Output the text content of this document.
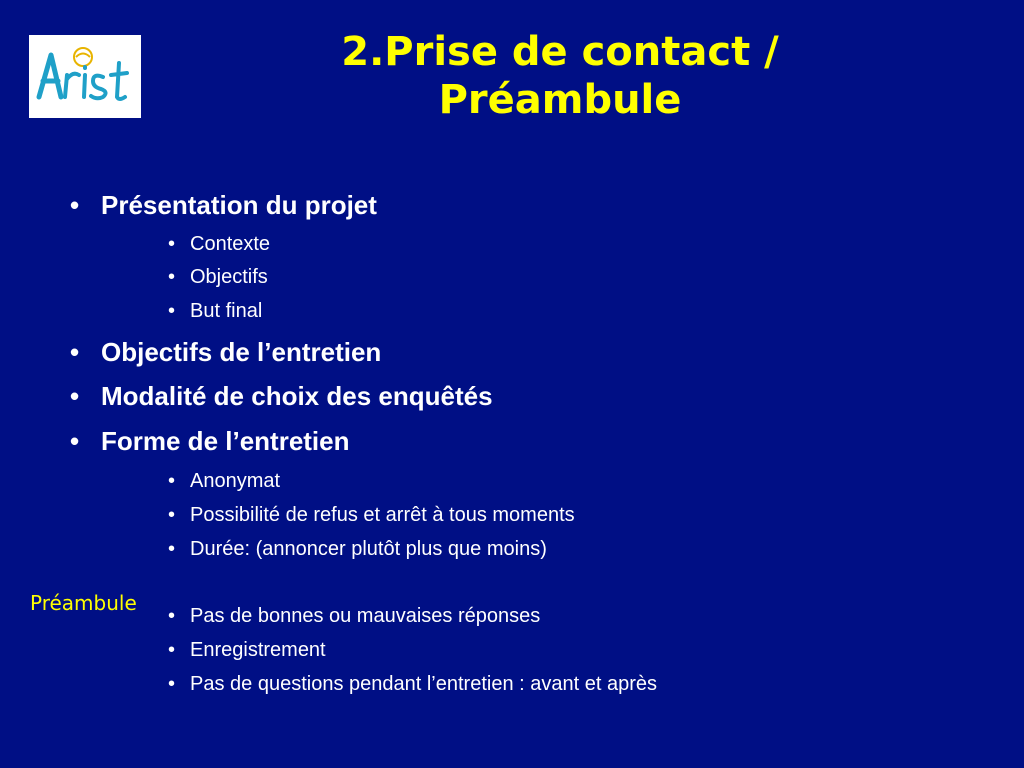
2.Prise de contact /
Préambule
• Présentation du projet
• Contexte
• Objectifs
• But final
• Objectifs de l’entretien
• Modalité de choix des enquêtés
• Forme de l’entretien
• Anonymat
• Possibilité de refus et arrêt à tous moments
• Durée: (annoncer plutôt plus que moins)
• Pas de bonnes ou mauvaises réponses
• Enregistrement
• Pas de questions pendant l’entretien : avant et après
Préambule
